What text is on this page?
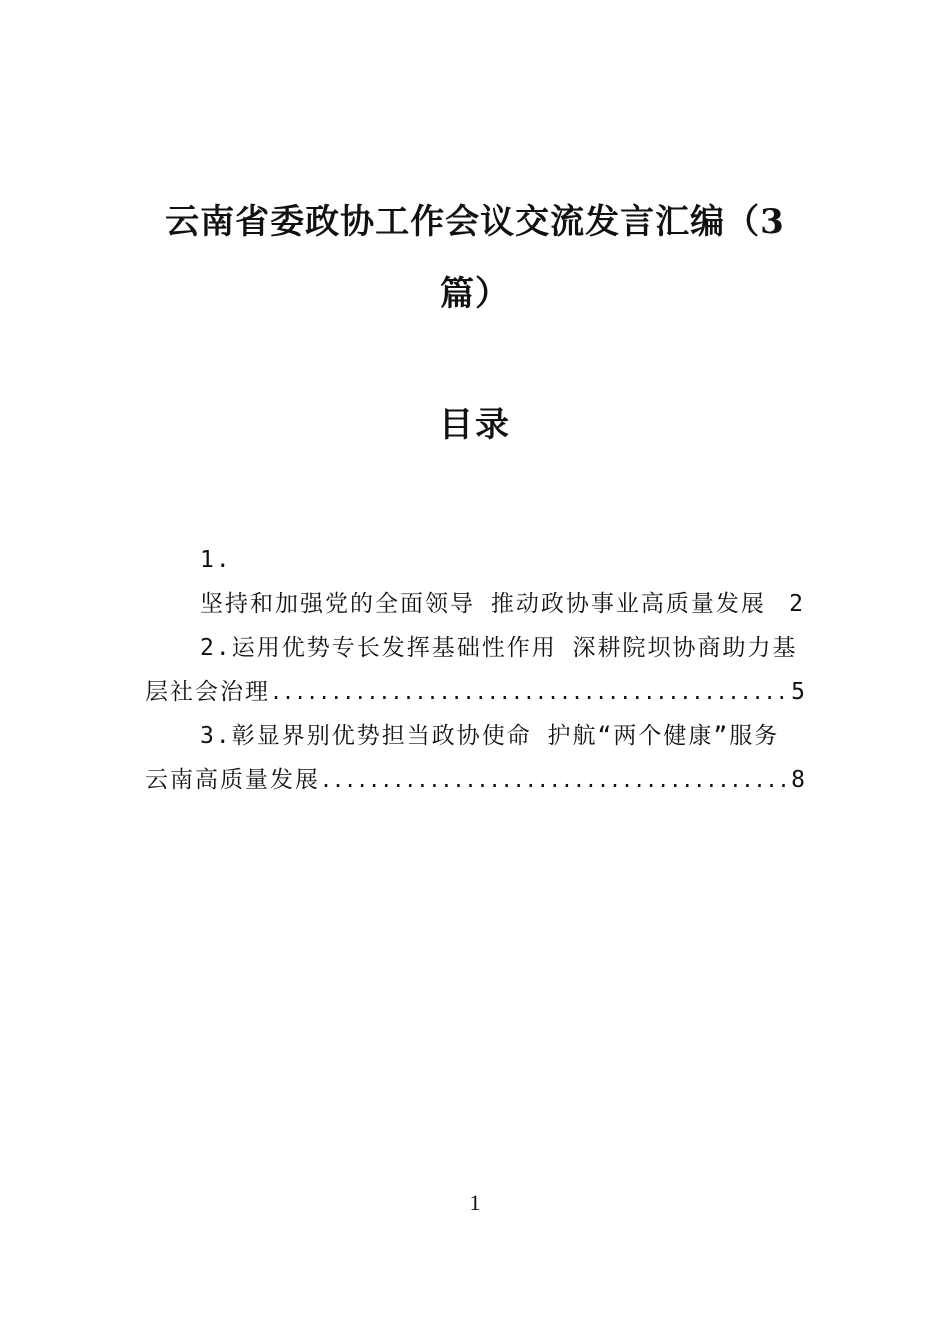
云南省委政协工作会议交流发言汇编（3
篇）
目录
1.
坚持和加强党的全面领导 推动政协事业高质量发展	2
2.运用优势专长发挥基础性作用 深耕院坝协商助力基
层社会治理 .....	5
3.彰显界别优势担当政协使命 护航“两个健康”服务
云南高质量发展 .....	8
1
